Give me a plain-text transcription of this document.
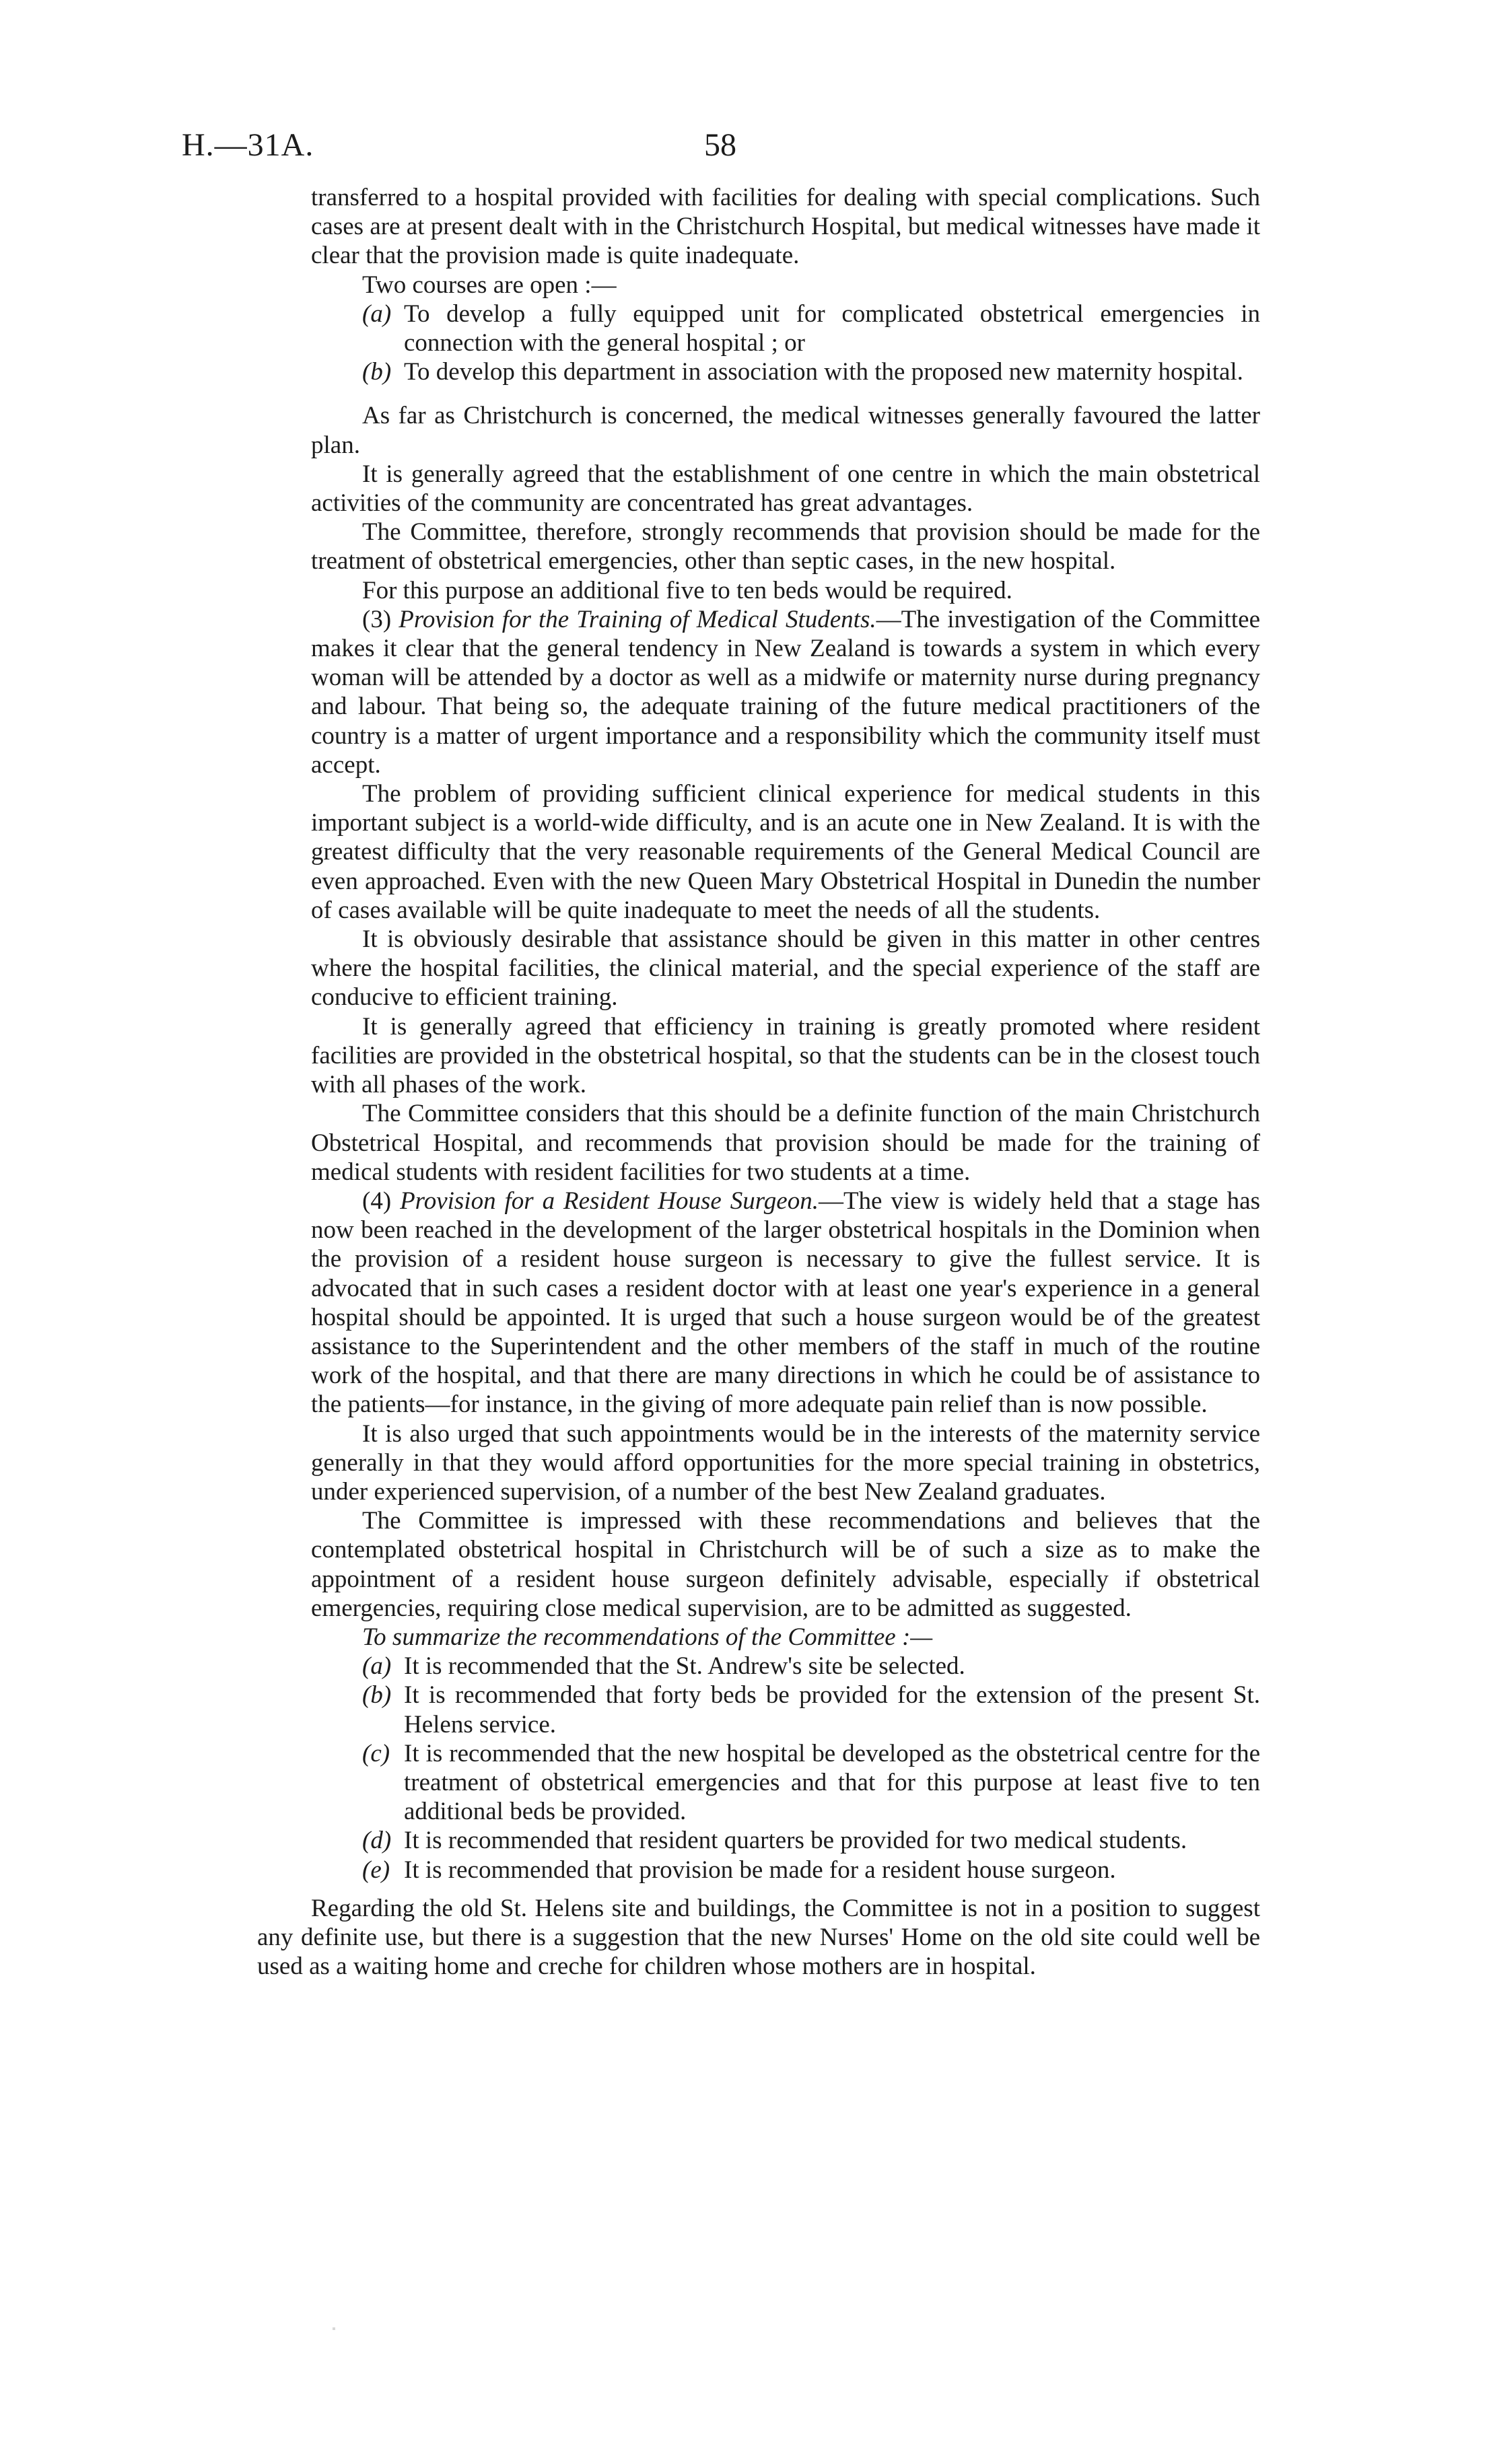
H.—31A.	58

transferred to a hospital provided with facilities for dealing with special complications. Such cases are at present dealt with in the Christchurch Hospital, but medical witnesses have made it clear that the provision made is quite inadequate.

Two courses are open :—

(a) To develop a fully equipped unit for complicated obstetrical emergencies in connection with the general hospital ; or

(b) To develop this department in association with the proposed new maternity hospital.

As far as Christchurch is concerned, the medical witnesses generally favoured the latter plan.

It is generally agreed that the establishment of one centre in which the main obstetrical activities of the community are concentrated has great advantages.

The Committee, therefore, strongly recommends that provision should be made for the treatment of obstetrical emergencies, other than septic cases, in the new hospital.

For this purpose an additional five to ten beds would be required.

(3) Provision for the Training of Medical Students.—The investigation of the Committee makes it clear that the general tendency in New Zealand is towards a system in which every woman will be attended by a doctor as well as a midwife or maternity nurse during pregnancy and labour. That being so, the adequate training of the future medical practitioners of the country is a matter of urgent importance and a responsibility which the community itself must accept.

The problem of providing sufficient clinical experience for medical students in this important subject is a world-wide difficulty, and is an acute one in New Zealand. It is with the greatest difficulty that the very reasonable requirements of the General Medical Council are even approached. Even with the new Queen Mary Obstetrical Hospital in Dunedin the number of cases available will be quite inadequate to meet the needs of all the students.

It is obviously desirable that assistance should be given in this matter in other centres where the hospital facilities, the clinical material, and the special experience of the staff are conducive to efficient training.

It is generally agreed that efficiency in training is greatly promoted where resident facilities are provided in the obstetrical hospital, so that the students can be in the closest touch with all phases of the work.

The Committee considers that this should be a definite function of the main Christchurch Obstetrical Hospital, and recommends that provision should be made for the training of medical students with resident facilities for two students at a time.

(4) Provision for a Resident House Surgeon.—The view is widely held that a stage has now been reached in the development of the larger obstetrical hospitals in the Dominion when the provision of a resident house surgeon is necessary to give the fullest service. It is advocated that in such cases a resident doctor with at least one year's experience in a general hospital should be appointed. It is urged that such a house surgeon would be of the greatest assistance to the Superintendent and the other members of the staff in much of the routine work of the hospital, and that there are many directions in which he could be of assistance to the patients—for instance, in the giving of more adequate pain relief than is now possible.

It is also urged that such appointments would be in the interests of the maternity service generally in that they would afford opportunities for the more special training in obstetrics, under experienced supervision, of a number of the best New Zealand graduates.

The Committee is impressed with these recommendations and believes that the contemplated obstetrical hospital in Christchurch will be of such a size as to make the appointment of a resident house surgeon definitely advisable, especially if obstetrical emergencies, requiring close medical supervision, are to be admitted as suggested.

To summarize the recommendations of the Committee :—

(a) It is recommended that the St. Andrew's site be selected.

(b) It is recommended that forty beds be provided for the extension of the present St. Helens service.

(c) It is recommended that the new hospital be developed as the obstetrical centre for the treatment of obstetrical emergencies and that for this purpose at least five to ten additional beds be provided.

(d) It is recommended that resident quarters be provided for two medical students.

(e) It is recommended that provision be made for a resident house surgeon.

Regarding the old St. Helens site and buildings, the Committee is not in a position to suggest any definite use, but there is a suggestion that the new Nurses' Home on the old site could well be used as a waiting home and creche for children whose mothers are in hospital.
